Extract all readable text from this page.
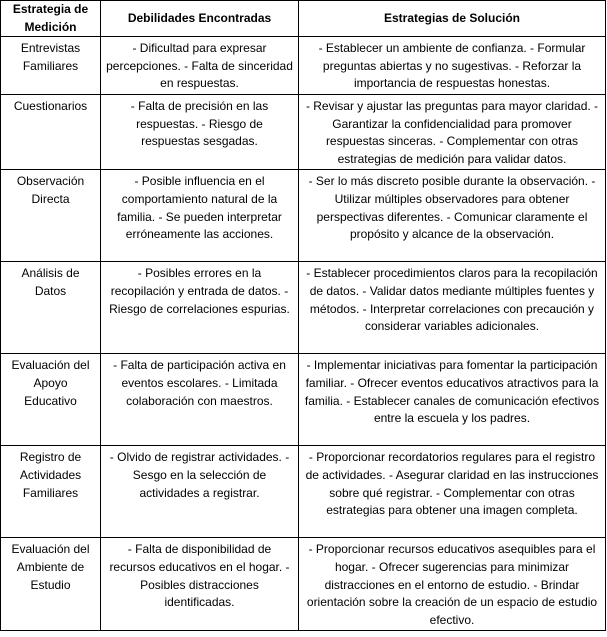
Estrategia de Medición	Debilidades Encontradas	Estrategias de Solución
Entrevistas Familiares	- Dificultad para expresar percepciones. - Falta de sinceridad en respuestas.	- Establecer un ambiente de confianza. - Formular preguntas abiertas y no sugestivas. - Reforzar la importancia de respuestas honestas.
Cuestionarios	- Falta de precisión en las respuestas. - Riesgo de respuestas sesgadas.	- Revisar y ajustar las preguntas para mayor claridad. - Garantizar la confidencialidad para promover respuestas sinceras. - Complementar con otras estrategias de medición para validar datos.
Observación Directa	- Posible influencia en el comportamiento natural de la familia. - Se pueden interpretar erróneamente las acciones.	- Ser lo más discreto posible durante la observación. - Utilizar múltiples observadores para obtener perspectivas diferentes. - Comunicar claramente el propósito y alcance de la observación.
Análisis de Datos	- Posibles errores en la recopilación y entrada de datos. - Riesgo de correlaciones espurias.	- Establecer procedimientos claros para la recopilación de datos. - Validar datos mediante múltiples fuentes y métodos. - Interpretar correlaciones con precaución y considerar variables adicionales.
Evaluación del Apoyo Educativo	- Falta de participación activa en eventos escolares. - Limitada colaboración con maestros.	- Implementar iniciativas para fomentar la participación familiar. - Ofrecer eventos educativos atractivos para la familia. - Establecer canales de comunicación efectivos entre la escuela y los padres.
Registro de Actividades Familiares	- Olvido de registrar actividades. - Sesgo en la selección de actividades a registrar.	- Proporcionar recordatorios regulares para el registro de actividades. - Asegurar claridad en las instrucciones sobre qué registrar. - Complementar con otras estrategias para obtener una imagen completa.
Evaluación del Ambiente de Estudio	- Falta de disponibilidad de recursos educativos en el hogar. - Posibles distracciones identificadas.	- Proporcionar recursos educativos asequibles para el hogar. - Ofrecer sugerencias para minimizar distracciones en el entorno de estudio. - Brindar orientación sobre la creación de un espacio de estudio efectivo.
